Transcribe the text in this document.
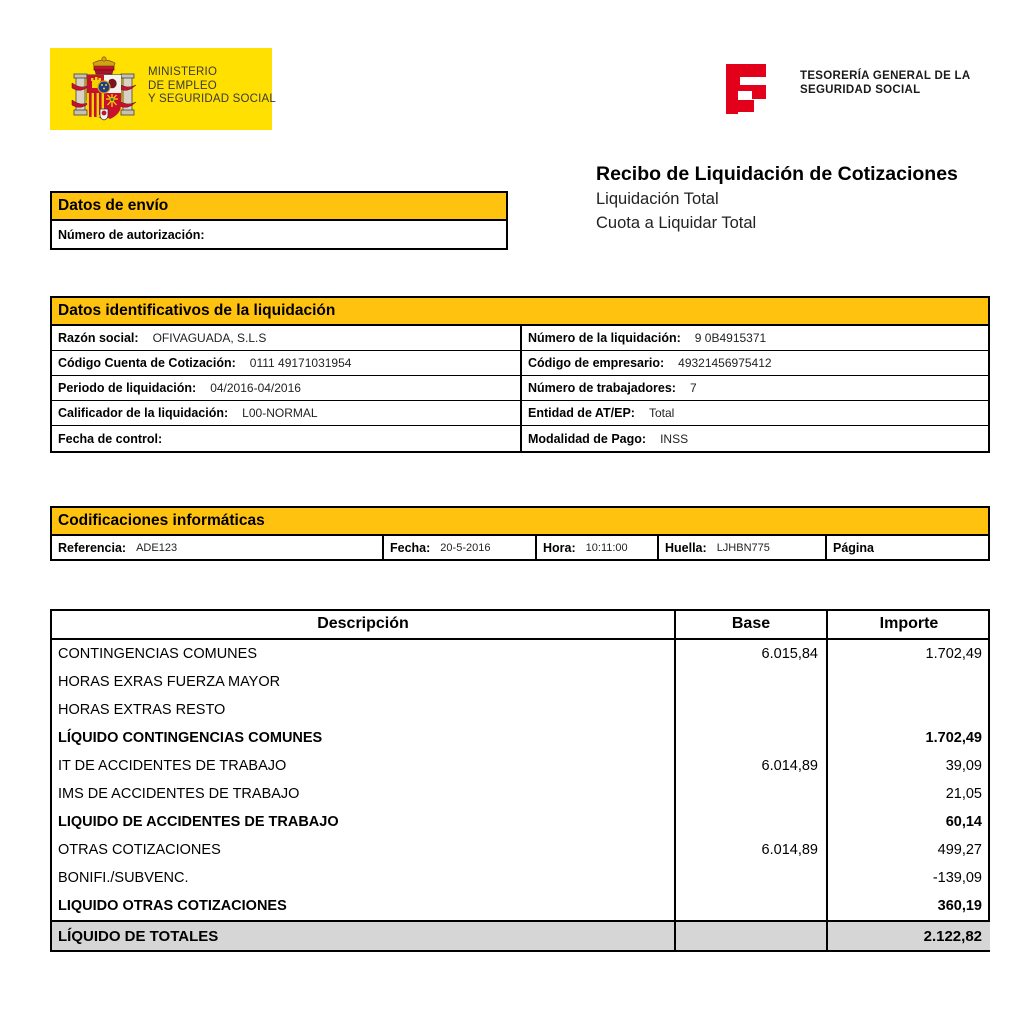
MINISTERIO
DE EMPLEO
Y SEGURIDAD SOCIAL
TESORERÍA GENERAL DE LA
SEGURIDAD SOCIAL
Recibo de Liquidación de Cotizaciones
Liquidación Total
Cuota a Liquidar Total
Datos de envío
Número de autorización:
Datos identificativos de la liquidación
Razón social: OFIVAGUADA, S.L.S	Número de la liquidación: 9 0B4915371
Código Cuenta de Cotización: 0111 49171031954	Código de empresario: 49321456975412
Periodo de liquidación: 04/2016-04/2016	Número de trabajadores: 7
Calificador de la liquidación: L00-NORMAL	Entidad de AT/EP: Total
Fecha de control:	Modalidad de Pago: INSS
Codificaciones informáticas
Referencia: ADE123	Fecha: 20-5-2016	Hora: 10:11:00	Huella: LJHBN775	Página
Descripción	Base	Importe
CONTINGENCIAS COMUNES	6.015,84	1.702,49
HORAS EXRAS FUERZA MAYOR		
HORAS EXTRAS RESTO		
LÍQUIDO CONTINGENCIAS COMUNES		1.702,49
IT DE ACCIDENTES DE TRABAJO	6.014,89	39,09
IMS DE ACCIDENTES DE TRABAJO		21,05
LIQUIDO DE ACCIDENTES DE TRABAJO		60,14
OTRAS COTIZACIONES	6.014,89	499,27
BONIFI./SUBVENC.		-139,09
LIQUIDO OTRAS COTIZACIONES		360,19
LÍQUIDO DE TOTALES		2.122,82
